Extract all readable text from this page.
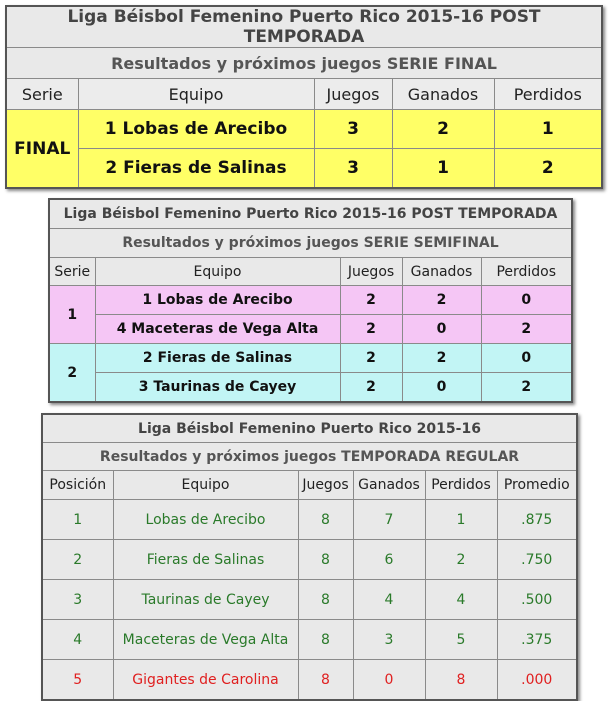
Liga Béisbol Femenino Puerto Rico 2015-16 POST TEMPORADA				
Resultados y próximos juegos SERIE FINAL				
Serie	Equipo	Juegos	Ganados	Perdidos
FINAL	1 Lobas de Arecibo	3	2	1
	2 Fieras de Salinas	3	1	2
Liga Béisbol Femenino Puerto Rico 2015-16 POST TEMPORADA				
Resultados y próximos juegos SERIE SEMIFINAL				
Serie	Equipo	Juegos	Ganados	Perdidos
1	1 Lobas de Arecibo	2	2	0
	4 Maceteras de Vega Alta	2	0	2
2	2 Fieras de Salinas	2	2	0
	3 Taurinas de Cayey	2	0	2
Liga Béisbol Femenino Puerto Rico 2015-16					
Resultados y próximos juegos TEMPORADA REGULAR					
Posición	Equipo	Juegos	Ganados	Perdidos	Promedio
1	Lobas de Arecibo	8	7	1	.875
2	Fieras de Salinas	8	6	2	.750
3	Taurinas de Cayey	8	4	4	.500
4	Maceteras de Vega Alta	8	3	5	.375
5	Gigantes de Carolina	8	0	8	.000
